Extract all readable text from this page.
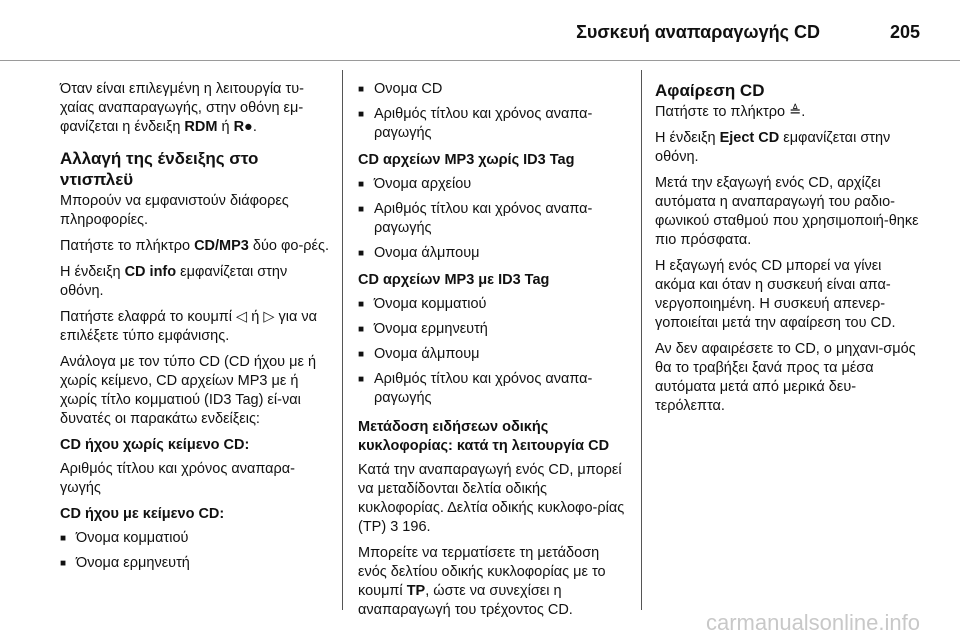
Συσκευή αναπαραγωγής CD	205

Όταν είναι επιλεγμένη η λειτουργία τυ-χαίας αναπαραγωγής, στην οθόνη εμ-φανίζεται η ένδειξη RDM ή R●.

Αλλαγή της ένδειξης στο ντισπλεϋ

Μπορούν να εμφανιστούν διάφορες πληροφορίες.

Πατήστε το πλήκτρο CD/MP3 δύο φο-ρές.

Η ένδειξη CD info εμφανίζεται στην οθόνη.

Πατήστε ελαφρά το κουμπί ◁ ή ▷ για να επιλέξετε τύπο εμφάνισης.

Ανάλογα με τον τύπο CD (CD ήχου με ή χωρίς κείμενο, CD αρχείων MP3 με ή χωρίς τίτλο κομματιού (ID3 Tag) εί-ναι δυνατές οι παρακάτω ενδείξεις:

CD ήχου χωρίς κείμενο CD:

Αριθμός τίτλου και χρόνος αναπαρα-γωγής

CD ήχου με κείμενο CD:
■ Όνομα κομματιού
■ Όνομα ερμηνευτή
■ Ονομα CD
■ Αριθμός τίτλου και χρόνος αναπα-ραγωγής
CD αρχείων MP3 χωρίς ID3 Tag
■ Όνομα αρχείου
■ Αριθμός τίτλου και χρόνος αναπα-ραγωγής
■ Ονομα άλμπουμ
CD αρχείων MP3 με ID3 Tag
■ Όνομα κομματιού
■ Όνομα ερμηνευτή
■ Ονομα άλμπουμ
■ Αριθμός τίτλου και χρόνος αναπα-ραγωγής
Μετάδοση ειδήσεων οδικής κυκλοφορίας: κατά τη λειτουργία CD

Κατά την αναπαραγωγή ενός CD, μπορεί να μεταδίδονται δελτία οδικής κυκλοφορίας. Δελτία οδικής κυκλοφο-ρίας (TP) 3 196.

Μπορείτε να τερματίσετε τη μετάδοση ενός δελτίου οδικής κυκλοφορίας με το κουμπί TP, ώστε να συνεχίσει η αναπαραγωγή του τρέχοντος CD.

Αφαίρεση CD

Πατήστε το πλήκτρο ≜.

Η ένδειξη Eject CD εμφανίζεται στην οθόνη.

Μετά την εξαγωγή ενός CD, αρχίζει αυτόματα η αναπαραγωγή του ραδιο-φωνικού σταθμού που χρησιμοποιή-θηκε πιο πρόσφατα.

Η εξαγωγή ενός CD μπορεί να γίνει ακόμα και όταν η συσκευή είναι απα-νεργοποιημένη. Η συσκευή απενερ-γοποιείται μετά την αφαίρεση του CD.

Αν δεν αφαιρέσετε το CD, ο μηχανι-σμός θα το τραβήξει ξανά προς τα μέσα αυτόματα μετά από μερικά δευ-τερόλεπτα.

carmanualsonline.info
